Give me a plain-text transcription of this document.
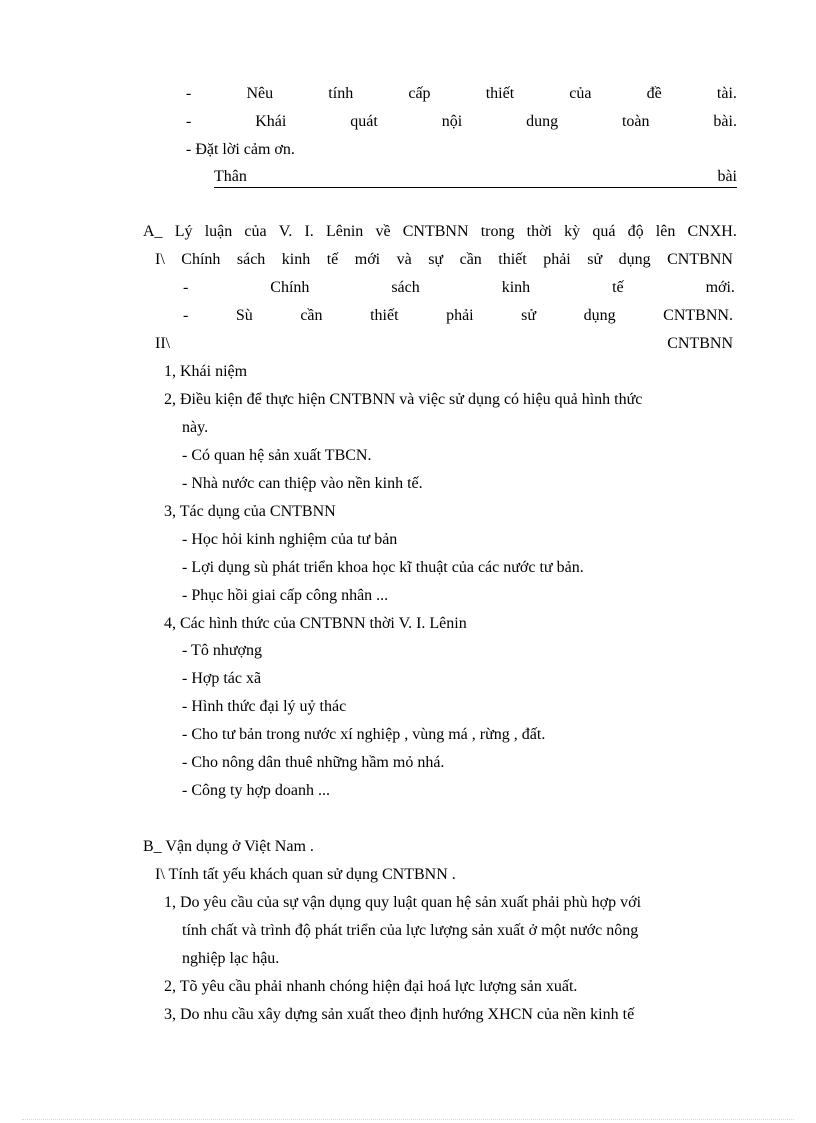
-	Nêu	tính	cấp	thiết	của	đề	tài.
-	Khái	quát	nội	dung	toàn	bài.
- Đặt lời cảm ơn.
Thân	bài
A_ Lý luận của V. I. Lênin về CNTBNN trong thời kỳ quá độ lên CNXH.
I\ Chính sách kinh tế mới và sự cần thiết phải sử dụng CNTBNN
-	Chính	sách	kinh	tế	mới.
-	Sù	cần	thiết	phải	sử	dụng	CNTBNN.
II\	CNTBNN
1, Khái niệm
2, Điều kiện để thực hiện CNTBNN và việc sử dụng có hiệu quả hình thức
này.
- Có quan hệ sản xuất TBCN.
- Nhà nước can thiệp vào nền kinh tế.
3, Tác dụng của CNTBNN
- Học hỏi kinh nghiệm của tư bản
- Lợi dụng sù phát triển khoa học kĩ thuật của các nước tư bản.
- Phục hồi giai cấp công nhân ...
4, Các hình thức của CNTBNN thời V. I. Lênin
- Tô nhượng
- Hợp tác xã
- Hình thức đại lý uỷ thác
- Cho tư bản trong nước xí nghiệp , vùng má , rừng , đất.
- Cho nông dân thuê những hầm mỏ nhá.
- Công ty hợp doanh ...
B_ Vận dụng ở Việt Nam .
I\ Tính tất yếu khách quan sử dụng CNTBNN .
1, Do yêu cầu của sự vận dụng quy luật quan hệ sản xuất phải phù hợp với
tính chất và trình độ phát triển của lực lượng sản xuất ở một nước nông
nghiệp lạc hậu.
2, Tõ yêu cầu phải nhanh chóng hiện đại hoá lực lượng sản xuất.
3, Do nhu cầu xây dựng sản xuất theo định hướng XHCN của nền kinh tế
